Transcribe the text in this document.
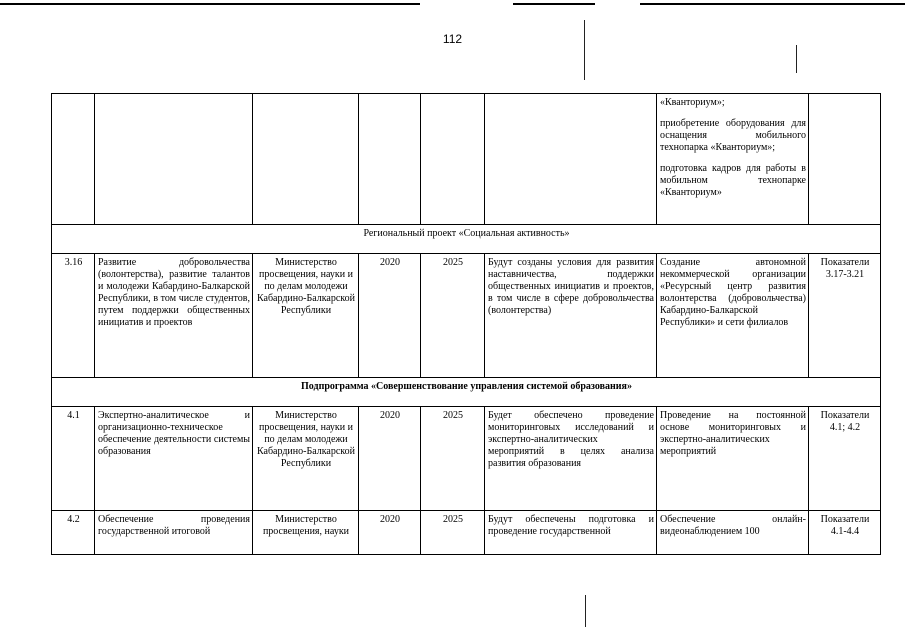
112

						«Кванториум»;

приобретение оборудования для оснащения мобильного технопарка «Кванториум»;

подготовка кадров для работы в мобильном технопарке «Кванториум»	

Региональный проект «Социальная активность»							
3.16	Развитие добровольчества (волонтерства), развитие талантов и молодежи Кабардино-Балкарской Республики, в том числе студентов, путем поддержки общественных инициатив и проектов	Министерство просвещения, науки и по делам молодежи Кабардино-Балкарской Республики	2020	2025	Будут созданы условия для развития наставничества, поддержки общественных инициатив и проектов, в том числе в сфере добровольчества (волонтерства)	Создание автономной некоммерческой организации «Ресурсный центр развития волонтерства (добровольчества) Кабардино-Балкарской Республики» и сети филиалов	Показатели 3.17-3.21
Подпрограмма «Совершенствование управления системой образования»							
4.1	Экспертно-аналитическое и организационно-техническое обеспечение деятельности системы образования	Министерство просвещения, науки и по делам молодежи Кабардино-Балкарской Республики	2020	2025	Будет обеспечено проведение мониторинговых исследований и экспертно-аналитических мероприятий в целях анализа развития образования	Проведение на постоянной основе мониторинговых и экспертно-аналитических мероприятий	Показатели 4.1; 4.2
4.2	Обеспечение проведения государственной итоговой	Министерство просвещения, науки	2020	2025	Будут обеспечены подготовка и проведение государственной	Обеспечение онлайн-видеонаблюдением 100	Показатели 4.1-4.4
